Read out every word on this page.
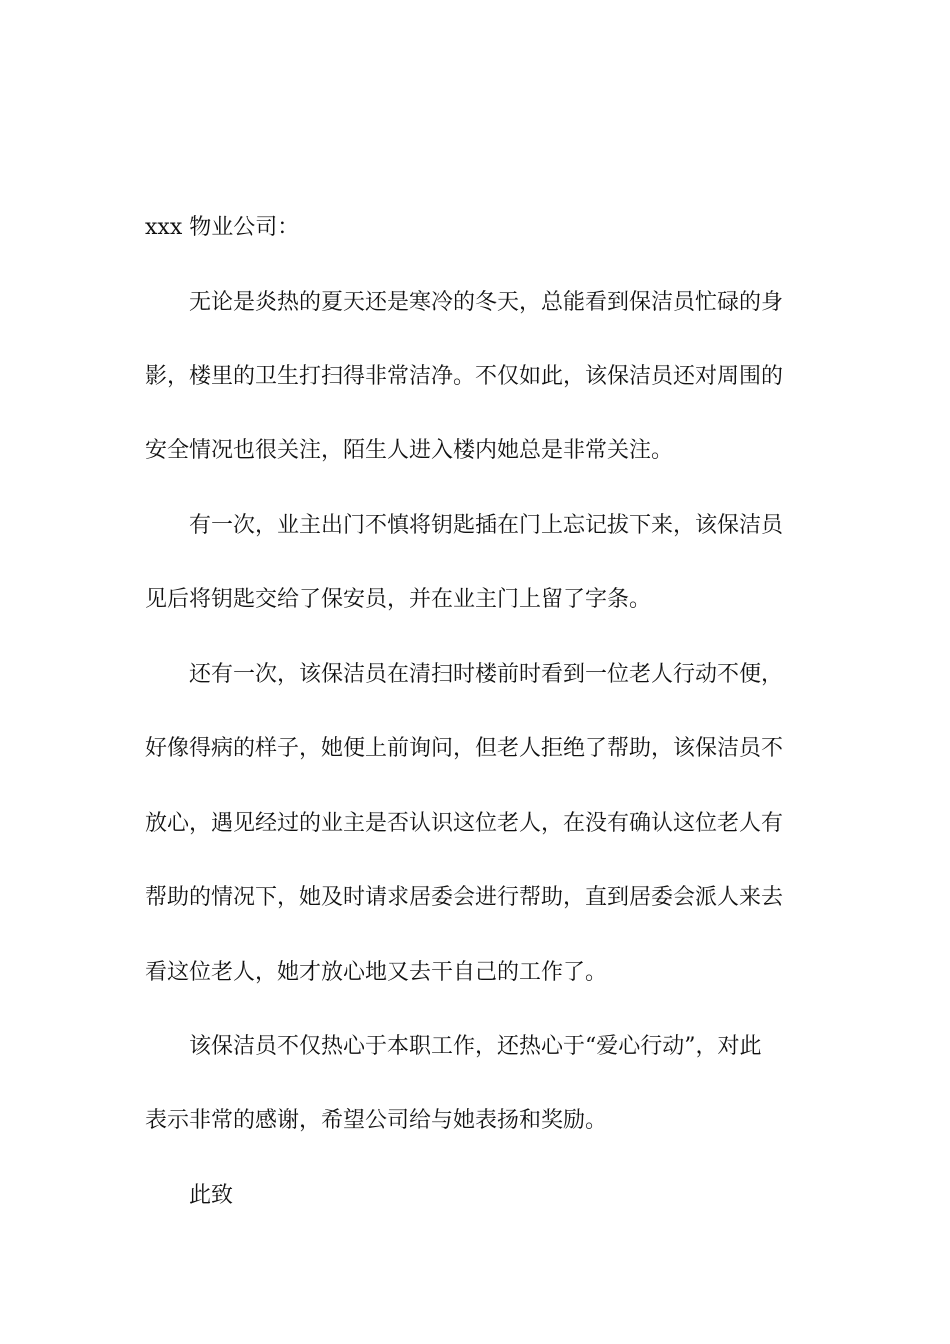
xxx 物业公司：
无论是炎热的夏天还是寒冷的冬天，总能看到保洁员忙碌的身
影，楼里的卫生打扫得非常洁净。不仅如此，该保洁员还对周围的
安全情况也很关注，陌生人进入楼内她总是非常关注。
有一次，业主出门不慎将钥匙插在门上忘记拔下来，该保洁员
见后将钥匙交给了保安员，并在业主门上留了字条。
还有一次，该保洁员在清扫时楼前时看到一位老人行动不便，
好像得病的样子，她便上前询问，但老人拒绝了帮助，该保洁员不
放心，遇见经过的业主是否认识这位老人，在没有确认这位老人有
帮助的情况下，她及时请求居委会进行帮助，直到居委会派人来去
看这位老人，她才放心地又去干自己的工作了。
该保洁员不仅热心于本职工作，还热心于“爱心行动”，对此
表示非常的感谢，希望公司给与她表扬和奖励。
此致
